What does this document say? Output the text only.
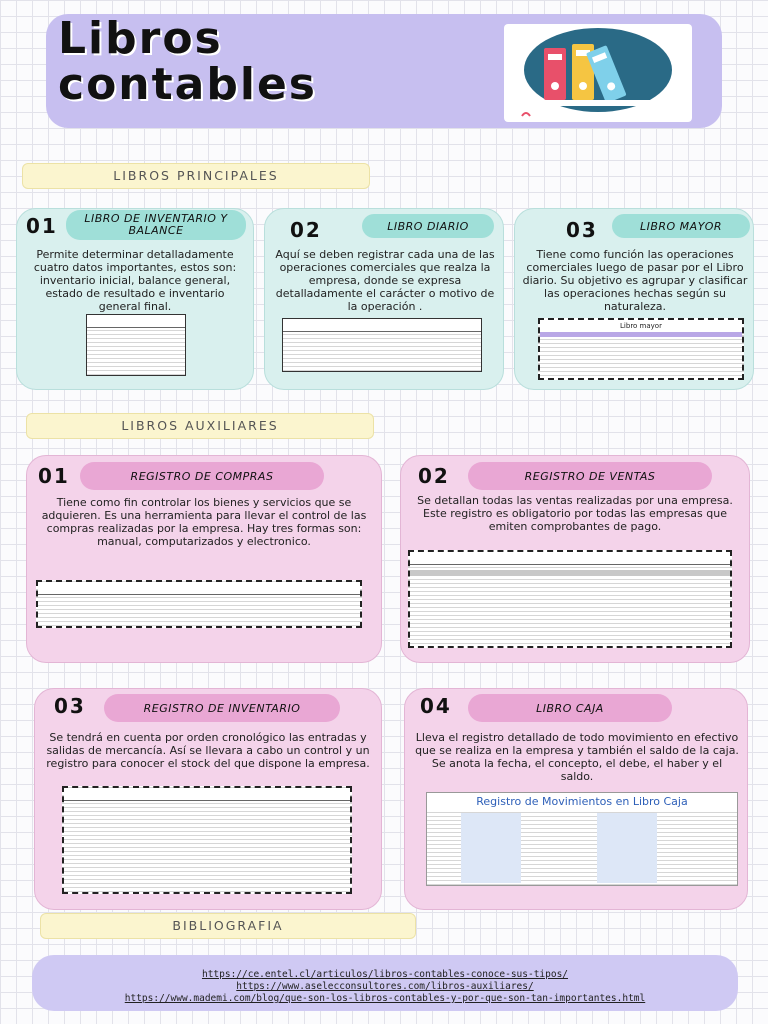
Libros
contables
LIBROS PRINCIPALES
01	LIBRO DE INVENTARIO Y BALANCE
Permite determinar detalladamente cuatro datos importantes, estos son: inventario inicial, balance general, estado de resultado e inventario general final.
02	LIBRO DIARIO
Aquí se deben registrar cada una de las operaciones comerciales que realza la empresa, donde se expresa detalladamente el carácter o motivo de la operación .
03	LIBRO MAYOR
Tiene como función las operaciones comerciales luego de pasar por el Libro diario. Su objetivo es agrupar y clasificar las operaciones hechas según su naturaleza.
Libro mayor
LIBROS AUXILIARES
01	REGISTRO DE COMPRAS
Tiene como fin controlar los bienes y servicios que se adquieren. Es una herramienta para llevar el control de las compras realizadas por la empresa. Hay tres formas son: manual, computarizados y electronico.
02	REGISTRO DE VENTAS
Se detallan todas las ventas realizadas por una empresa. Este registro es obligatorio por todas las empresas que emiten comprobantes de pago.
03	REGISTRO DE INVENTARIO
Se tendrá en cuenta por orden cronológico las entradas y salidas de mercancía. Así se llevara a cabo un control y un registro para conocer el stock del que dispone la empresa.
04	LIBRO CAJA
Lleva el registro detallado de todo movimiento en efectivo que se realiza en la empresa y también el saldo de la caja. Se anota la fecha, el concepto, el debe, el haber y el saldo.
Registro de Movimientos en Libro Caja
BIBLIOGRAFIA
https://ce.entel.cl/articulos/libros-contables-conoce-sus-tipos/
https://www.aselecconsultores.com/libros-auxiliares/
https://www.mademi.com/blog/que-son-los-libros-contables-y-por-que-son-tan-importantes.html
